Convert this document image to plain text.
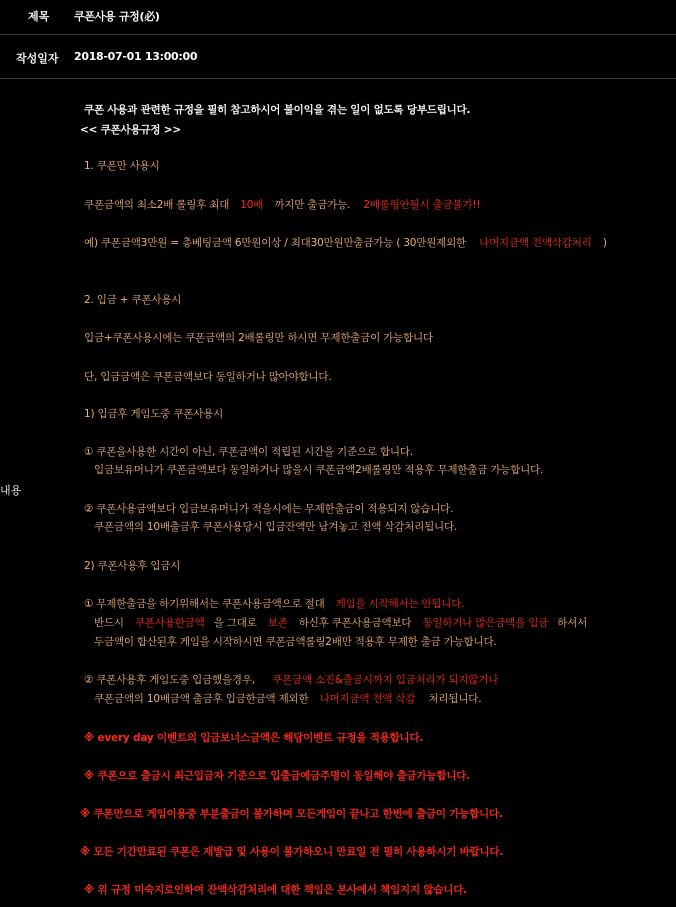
제목 쿠폰사용 규정(必)
작성일자 2018-07-01 13:00:00
내용
쿠폰 사용과 관련한 규정을 필히 참고하시어 불이익을 겪는 일이 없도록 당부드립니다.
<< 쿠폰사용규정 >>
1. 쿠폰만 사용시
쿠폰금액의 최소2배 롤링후 최대 10배 까지만 출금가능. 2배롤링안될시 출금불가!!
예) 쿠폰금액3만원 = 총베팅금액 6만원이상 / 최대30만원만출금가능 ( 30만원제외한 나머지금액 전액삭감처리 )
2. 입금 + 쿠폰사용시
입금+쿠폰사용시에는 쿠폰금액의 2배롤링만 하시면 무제한출금이 가능합니다
단, 입금금액은 쿠폰금액보다 동일하거나 많아야합니다.
1) 입금후 게임도중 쿠폰사용시
① 쿠폰을사용한 시간이 아닌, 쿠폰금액이 적립된 시간을 기준으로 합니다.
입금보유머니가 쿠폰금액보다 동일하거나 많을시 쿠폰금액2배롤링만 적용후 무제한출금 가능합니다.
② 쿠폰사용금액보다 입금보유머니가 적을시에는 무제한출금이 적용되지 않습니다.
쿠폰금액의 10배출금후 쿠폰사용당시 입금잔액만 남겨놓고 전액 삭감처리됩니다.
2) 쿠폰사용후 입금시
① 무제한출금을 하기위해서는 쿠폰사용금액으로 절대 게임을 시작해서는 안됩니다.
반드시 쿠폰사용한금액 을 그대로 보존 하신후 쿠폰사용금액보다 동일하거나 많은금액을 입금 하셔서
두금액이 합산된후 게임을 시작하시면 쿠폰금액롤링2배만 적용후 무제한 출금 가능합니다.
② 쿠폰사용후 게임도중 입금했을경우, 쿠폰금액 소진&출금시까지 입금처리가 되지않거나
쿠폰금액의 10배금액 출금후 입금한금액 제외한 나머지금액 전액 삭감 처리됩니다.
※ every day 이벤트의 입금보너스금액은 해당이벤트 규정을 적용합니다.
※ 쿠폰으로 출금시 최근입금자 기준으로 입출금예금주명이 동일해야 출금가능합니다.
※ 쿠폰만으로 게임이용중 부분출금이 불가하며 모든게임이 끝나고 한번에 출금이 가능합니다.
※ 모든 기간만료된 쿠폰은 재발급 및 사용이 불가하오니 만료일 전 필히 사용하시기 바랍니다.
※ 위 규정 미숙지로인하여 잔액삭감처리에 대한 책임은 본사에서 책임지지 않습니다.
